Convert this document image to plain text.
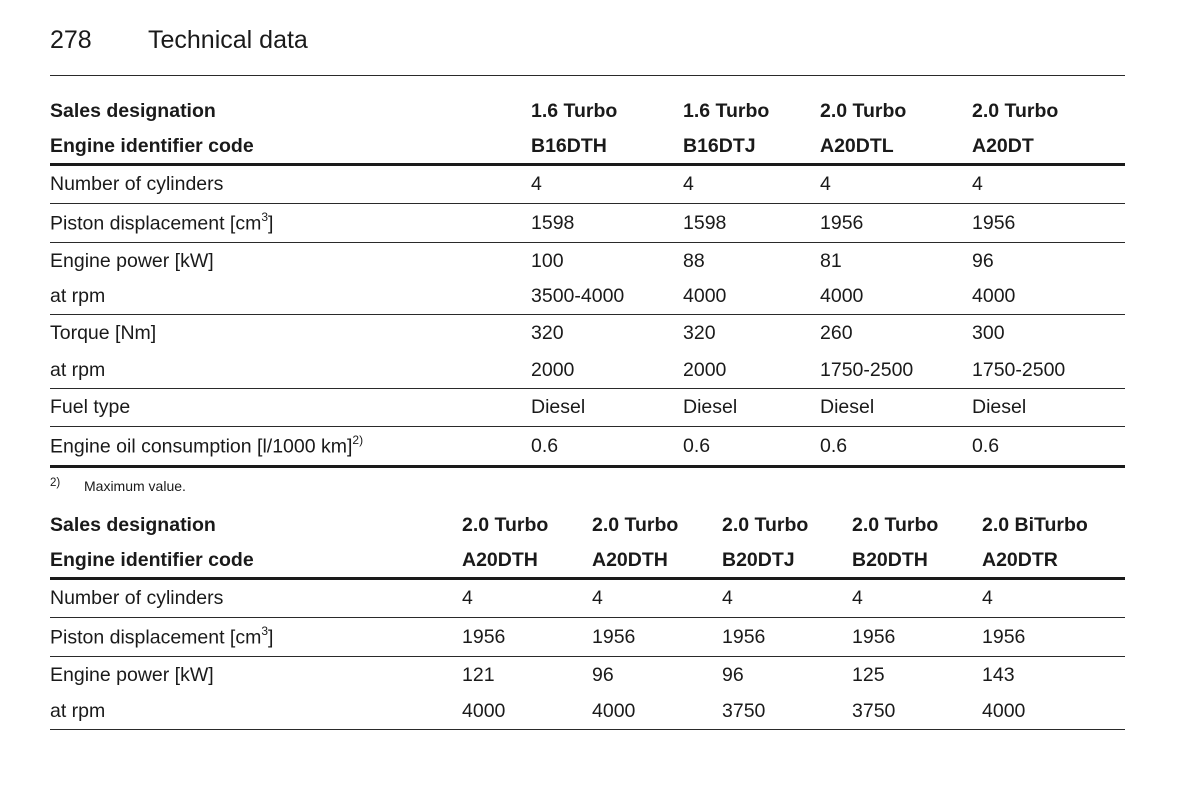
278 Technical data
Sales designation	1.6 Turbo	1.6 Turbo	2.0 Turbo	2.0 Turbo
Engine identifier code	B16DTH	B16DTJ	A20DTL	A20DT
Number of cylinders	4	4	4	4
Piston displacement $[cm^3]$	1598	1598	1956	1956
Engine power [kW]	100	88	81	96
at rpm	3500-4000	4000	4000	4000
Torque [Nm]	320	320	260	300
at rpm	2000	2000	1750-2500	1750-2500
Fuel type	Diesel	Diesel	Diesel	Diesel
Engine oil consumption [l/1000 km]$^{2)}$	0.6	0.6	0.6	0.6
2)	Maximum value.
Sales designation	2.0 Turbo	2.0 Turbo	2.0 Turbo	2.0 Turbo	2.0 BiTurbo
Engine identifier code	A20DTH	A20DTH	B20DTJ	B20DTH	A20DTR
Number of cylinders	4	4	4	4	4
Piston displacement $[cm^3]$	1956	1956	1956	1956	1956
Engine power [kW]	121	96	96	125	143
at rpm	4000	4000	3750	3750	4000
